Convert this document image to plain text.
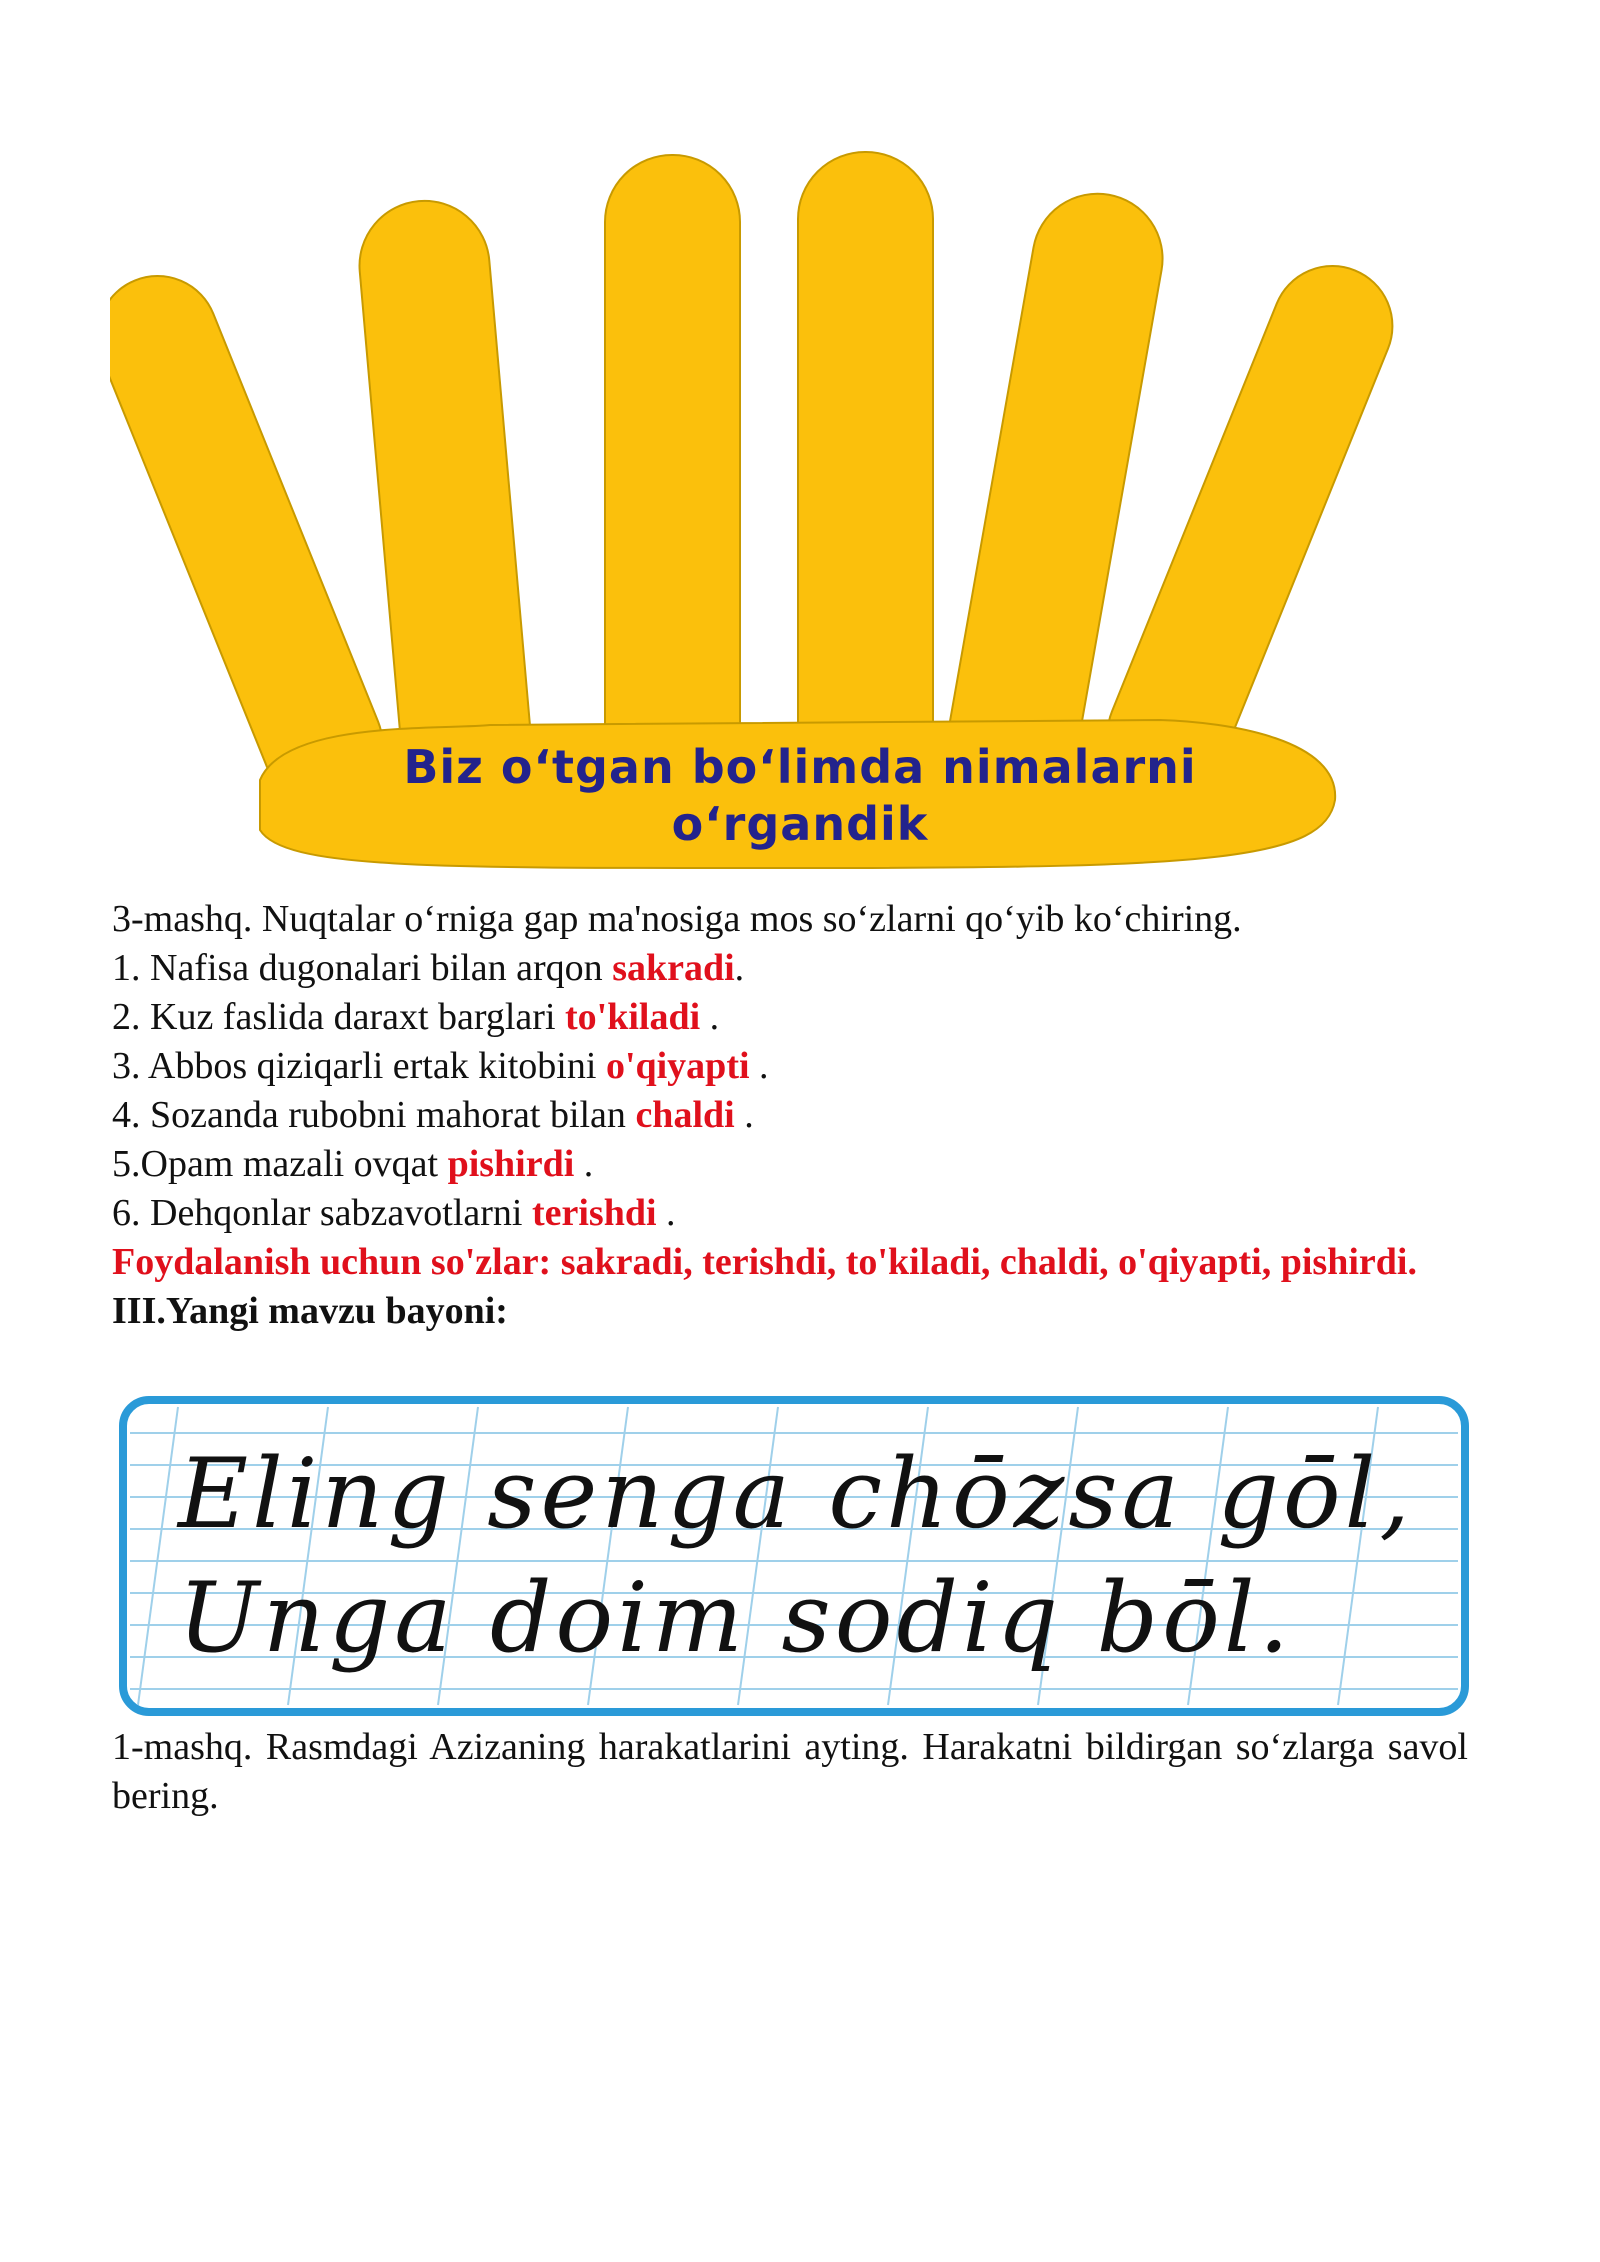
Biz o‘tgan bo‘limda nimalarni
o‘rgandik
3-mashq. Nuqtalar o‘rniga gap ma'nosiga mos so‘zlarni qo‘yib ko‘chiring.
1. Nafisa dugonalari bilan arqon sakradi.
2. Kuz faslida daraxt barglari to'kiladi .
3. Abbos qiziqarli ertak kitobini o'qiyapti .
4. Sozanda rubobni mahorat bilan chaldi .
5.Opam mazali ovqat pishirdi .
6. Dehqonlar sabzavotlarni terishdi .
Foydalanish uchun so'zlar: sakradi, terishdi, to'kiladi, chaldi, o'qiyapti, pishirdi.
III.Yangi mavzu bayoni:
Eling senga chōzsa gōl,
Unga doim sodiq bōl.
1-mashq. Rasmdagi Azizaning harakatlarini ayting. Harakatni bildirgan so‘zlarga savol bering.
